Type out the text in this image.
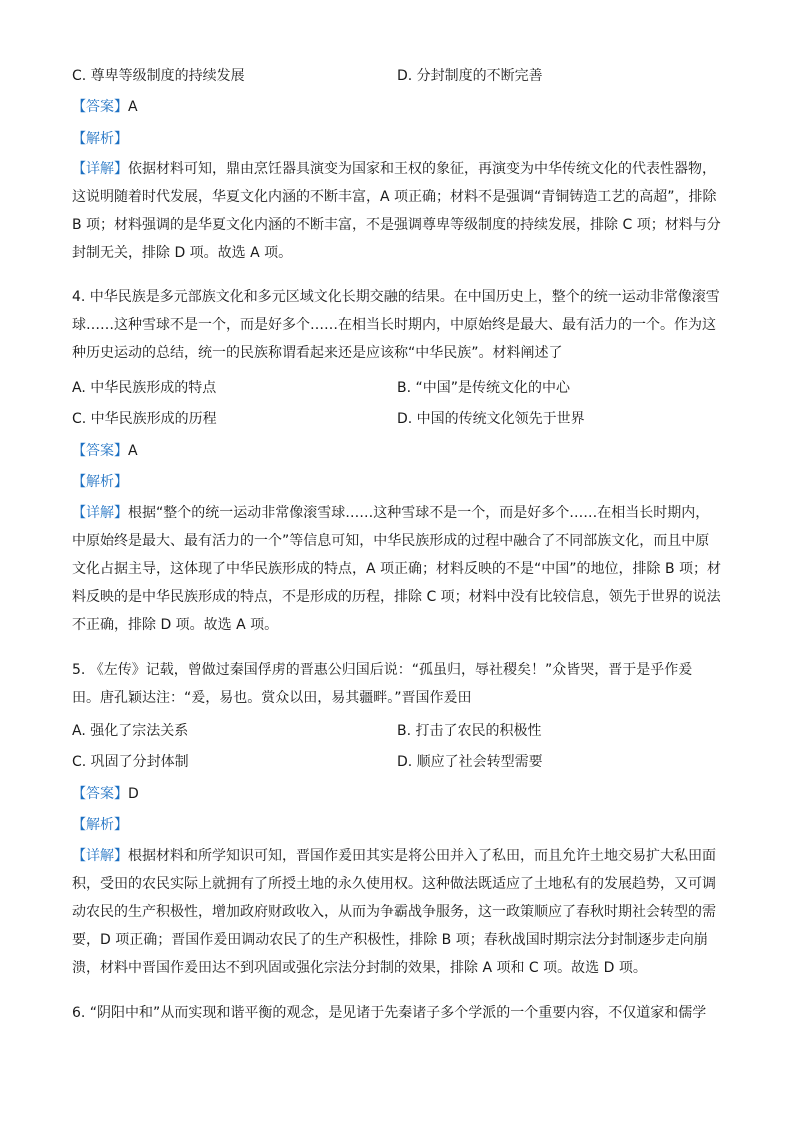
C. 尊卑等级制度的持续发展	D. 分封制度的不断完善
【答案】A
【解析】
【详解】依据材料可知，鼎由烹饪器具演变为国家和王权的象征，再演变为中华传统文化的代表性器物，
这说明随着时代发展，华夏文化内涵的不断丰富，A 项正确；材料不是强调“青铜铸造工艺的高超”，排除
B 项；材料强调的是华夏文化内涵的不断丰富，不是强调尊卑等级制度的持续发展，排除 C 项；材料与分
封制无关，排除 D 项。故选 A 项。
4. 中华民族是多元部族文化和多元区域文化长期交融的结果。在中国历史上，整个的统一运动非常像滚雪
球……这种雪球不是一个，而是好多个……在相当长时期内，中原始终是最大、最有活力的一个。作为这
种历史运动的总结，统一的民族称谓看起来还是应该称“中华民族”。材料阐述了
A. 中华民族形成的特点	B. “中国”是传统文化的中心
C. 中华民族形成的历程	D. 中国的传统文化领先于世界
【答案】A
【解析】
【详解】根据“整个的统一运动非常像滚雪球……这种雪球不是一个，而是好多个……在相当长时期内，
中原始终是最大、最有活力的一个”等信息可知，中华民族形成的过程中融合了不同部族文化，而且中原
文化占据主导，这体现了中华民族形成的特点，A 项正确；材料反映的不是“中国”的地位，排除 B 项；材
料反映的是中华民族形成的特点，不是形成的历程，排除 C 项；材料中没有比较信息，领先于世界的说法
不正确，排除 D 项。故选 A 项。
5. 《左传》记载，曾做过秦国俘虏的晋惠公归国后说：“孤虽归，辱社稷矣！”众皆哭，晋于是乎作爰
田。唐孔颖达注：“爰，易也。赏众以田，易其疆畔。”晋国作爰田
A. 强化了宗法关系	B. 打击了农民的积极性
C. 巩固了分封体制	D. 顺应了社会转型需要
【答案】D
【解析】
【详解】根据材料和所学知识可知，晋国作爰田其实是将公田并入了私田，而且允许土地交易扩大私田面
积，受田的农民实际上就拥有了所授土地的永久使用权。这种做法既适应了土地私有的发展趋势，又可调
动农民的生产积极性，增加政府财政收入，从而为争霸战争服务，这一政策顺应了春秋时期社会转型的需
要，D 项正确；晋国作爰田调动农民了的生产积极性，排除 B 项；春秋战国时期宗法分封制逐步走向崩
溃，材料中晋国作爰田达不到巩固或强化宗法分封制的效果，排除 A 项和 C 项。故选 D 项。
6. “阴阳中和”从而实现和谐平衡的观念，是见诸于先秦诸子多个学派的一个重要内容，不仅道家和儒学
